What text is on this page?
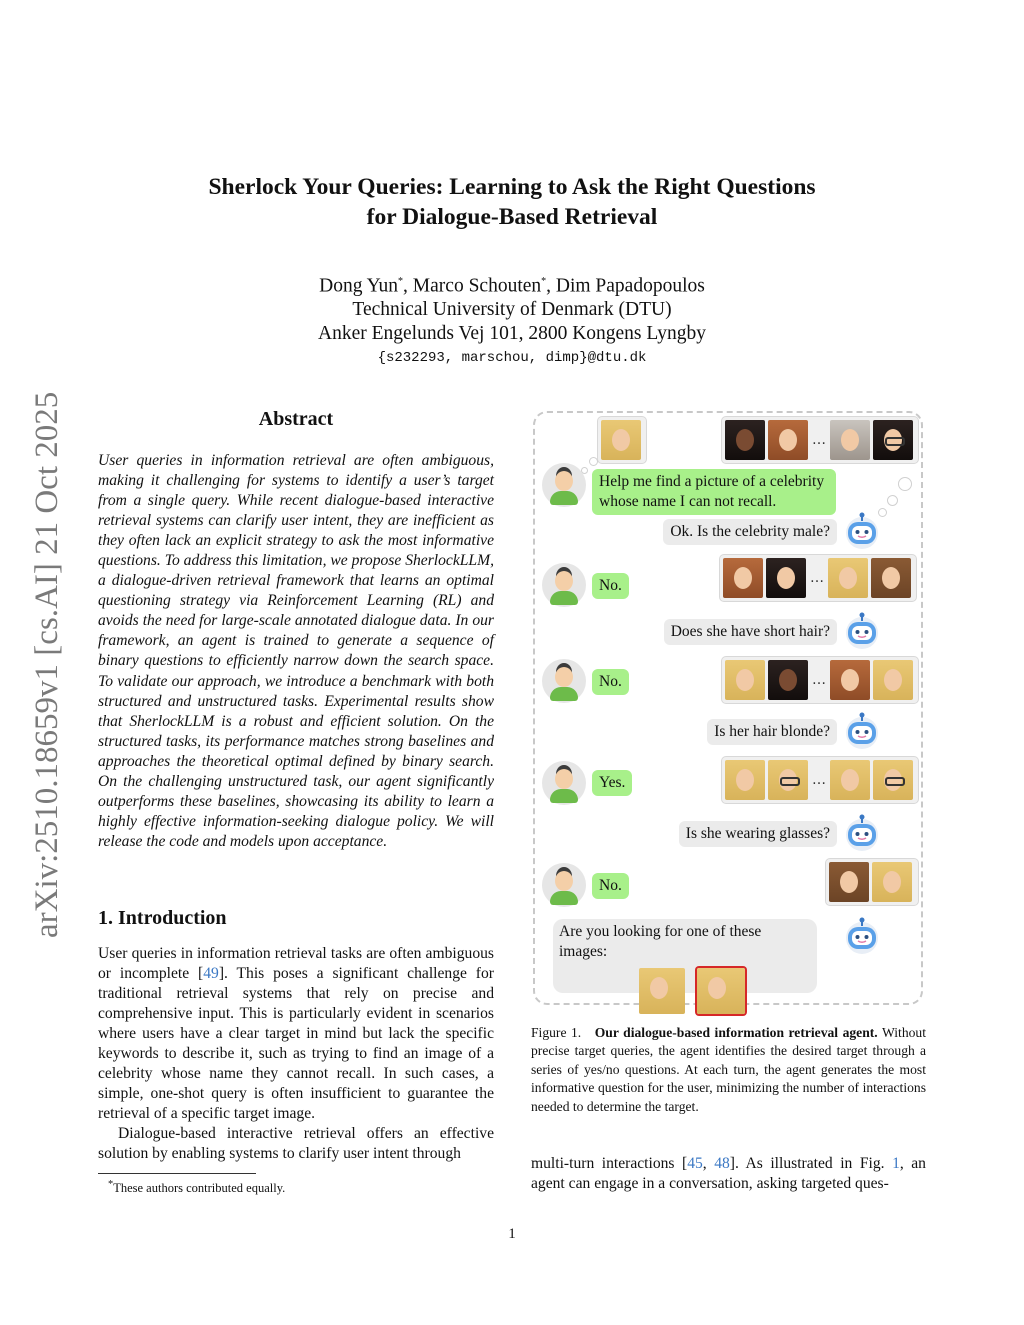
Sherlock Your Queries: Learning to Ask the Right Questions
for Dialogue-Based Retrieval
Dong Yun*, Marco Schouten*, Dim Papadopoulos
Technical University of Denmark (DTU)
Anker Engelunds Vej 101, 2800 Kongens Lyngby
{s232293, marschou, dimp}@dtu.dk
arXiv:2510.18659v1 [cs.AI] 21 Oct 2025	Abstract

User queries in information retrieval are often ambiguous, making it challenging for systems to identify a user’s target from a single query. While recent dialogue-based interactive retrieval systems can clarify user intent, they are inefficient as they often lack an explicit strategy to ask the most informative questions. To address this limitation, we propose SherlockLLM, a dialogue-driven retrieval framework that learns an optimal questioning strategy via Reinforcement Learning (RL) and avoids the need for large-scale annotated dialogue data. In our framework, an agent is trained to generate a sequence of binary questions to efficiently narrow down the search space. To validate our approach, we introduce a benchmark with both structured and unstructured tasks. Experimental results show that SherlockLLM is a robust and efficient solution. On the structured tasks, its performance matches strong baselines and approaches the theoretical optimal defined by binary search. On the challenging unstructured task, our agent significantly outperforms these baselines, showcasing its ability to learn a highly effective information-seeking dialogue policy. We will release the code and models upon acceptance.

1. Introduction

User queries in information retrieval tasks are often ambiguous or incomplete [49]. This poses a significant challenge for traditional retrieval systems that rely on precise and comprehensive input. This is particularly evident in scenarios where users have a clear target in mind but lack the specific keywords to describe it, such as trying to find an image of a celebrity whose name they cannot recall. In such cases, a simple, one-shot query is often insufficient to guarantee the retrieval of a specific target image.

Dialogue-based interactive retrieval offers an effective solution by enabling systems to clarify user intent through

*These authors contributed equally.
…
Help me find a picture of a celebrity whose name I can not recall.
Ok. Is the celebrity male?
No.	…
Does she have short hair?
No.	…
Is her hair blonde?
Yes.	…
Is she wearing glasses?
No.
Are you looking for one of these images:

Figure 1. Our dialogue-based information retrieval agent. Without precise target queries, the agent identifies the desired target through a series of yes/no questions. At each turn, the agent generates the most informative question for the user, minimizing the number of interactions needed to determine the target.

multi-turn interactions [45, 48]. As illustrated in Fig. 1, an agent can engage in a conversation, asking targeted ques-

1
